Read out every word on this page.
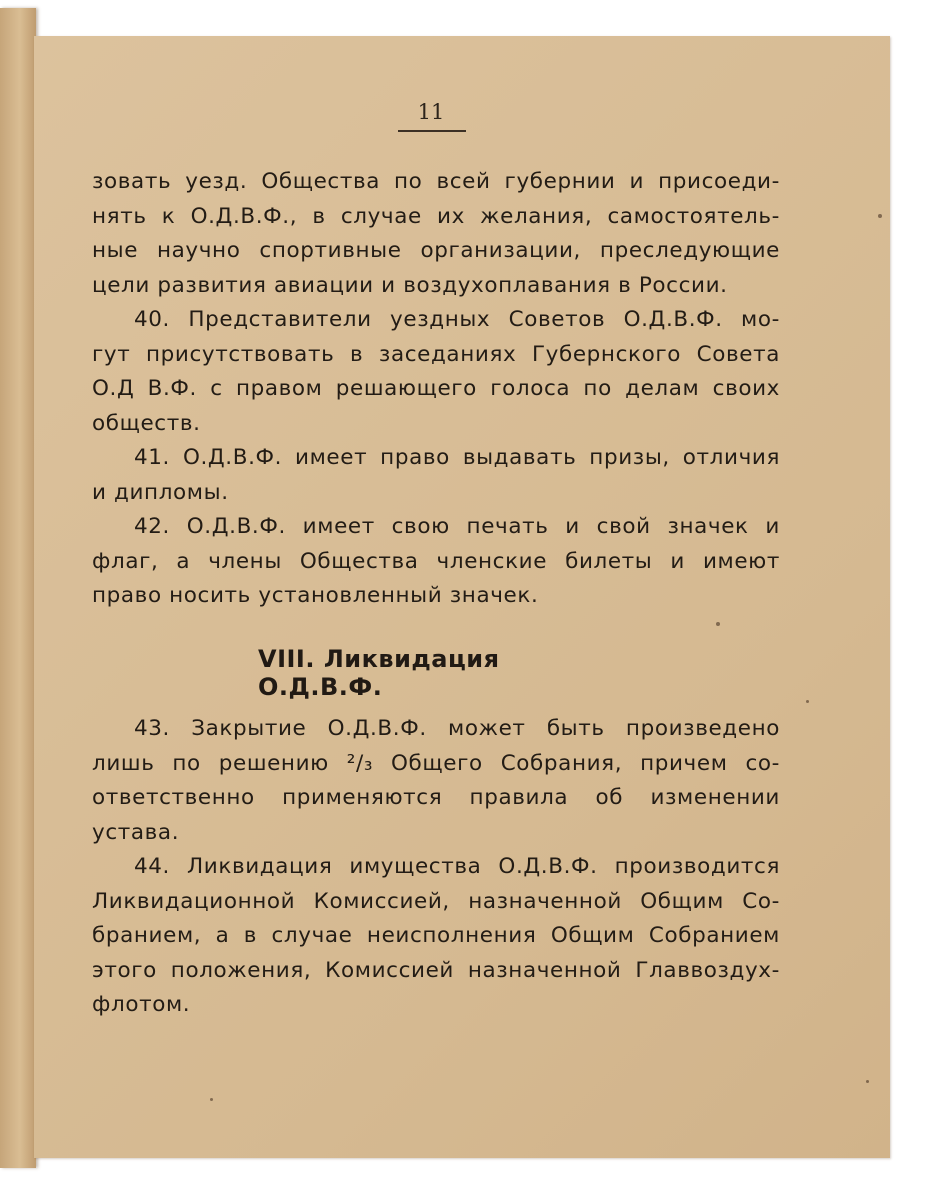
11
зовать уезд. Общества по всей губернии и присоеди-
нять к О.Д.В.Ф., в случае их желания, самостоятель-
ные научно спортивные организации, преследующие
цели развития авиации и воздухоплавания в России.
40. Представители уездных Советов О.Д.В.Ф. мо-
гут присутствовать в заседаниях Губернского Совета
О.Д В.Ф. с правом решающего голоса по делам своих
обществ.
41. О.Д.В.Ф. имеет право выдавать призы, отличия
и дипломы.
42. О.Д.В.Ф. имеет свою печать и свой значек и
флаг, а члены Общества членские билеты и имеют
право носить установленный значек.
VIII. Ликвидация О.Д.В.Ф.
43. Закрытие О.Д.В.Ф. может быть произведено
лишь по решению ²/₃ Общего Собрания, причем со-
ответственно применяются правила об изменении
устава.
44. Ликвидация имущества О.Д.В.Ф. производится
Ликвидационной Комиссией, назначенной Общим Со-
бранием, а в случае неисполнения Общим Собранием
этого положения, Комиссией назначенной Главвоздух-
флотом.
